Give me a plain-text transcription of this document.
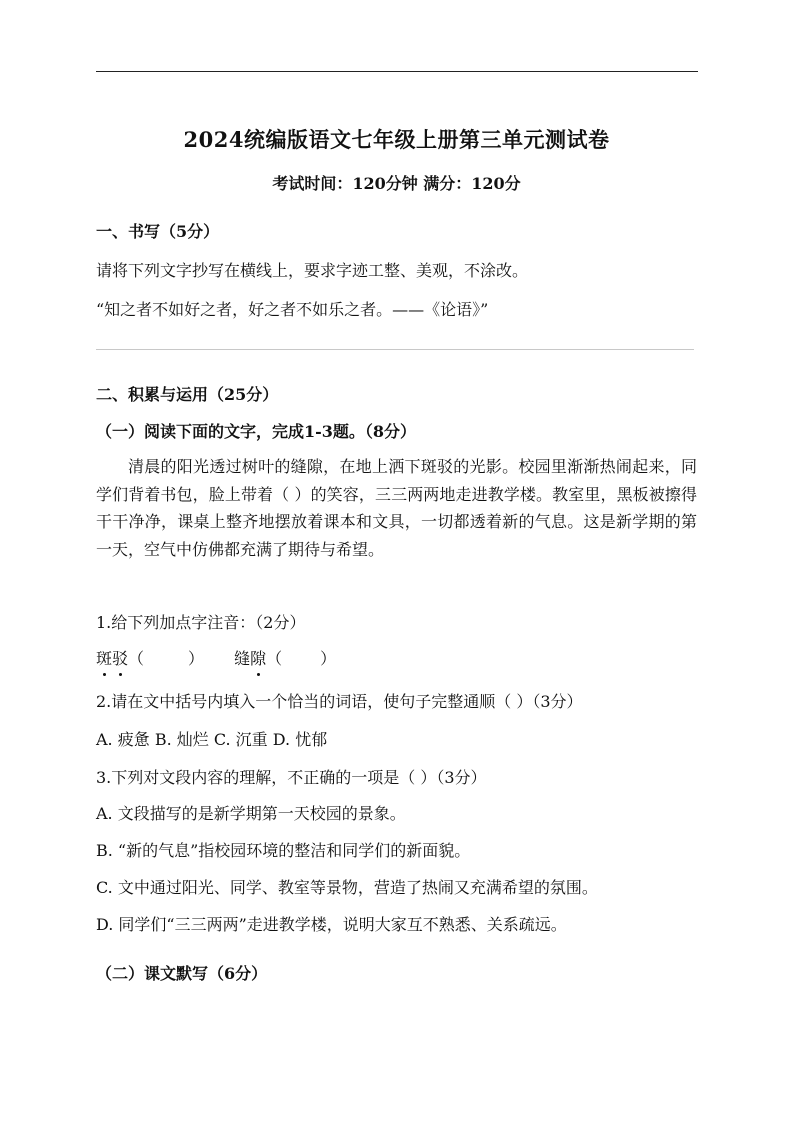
2024统编版语文七年级上册第三单元测试卷
考试时间：120分钟 满分：120分
一、书写（5分）
请将下列文字抄写在横线上，要求字迹工整、美观，不涂改。
“知之者不如好之者，好之者不如乐之者。——《论语》”
二、积累与运用（25分）
（一）阅读下面的文字，完成1-3题。（8分）
清晨的阳光透过树叶的缝隙，在地上洒下斑驳的光影。校园里渐渐热闹起来，同学们背着书包，脸上带着（ ）的笑容，三三两两地走进教学楼。教室里，黑板被擦得干干净净，课桌上整齐地摆放着课本和文具，一切都透着新的气息。这是新学期的第一天，空气中仿佛都充满了期待与希望。
1.给下列加点字注音：（2分）
斑驳（	） 缝隙（ ）
2.请在文中括号内填入一个恰当的词语，使句子完整通顺（ ）（3分）
A. 疲惫 B. 灿烂 C. 沉重 D. 忧郁
3.下列对文段内容的理解，不正确的一项是（ ）（3分）
A. 文段描写的是新学期第一天校园的景象。
B. “新的气息”指校园环境的整洁和同学们的新面貌。
C. 文中通过阳光、同学、教室等景物，营造了热闹又充满希望的氛围。
D. 同学们“三三两两”走进教学楼，说明大家互不熟悉、关系疏远。
（二）课文默写（6分）
